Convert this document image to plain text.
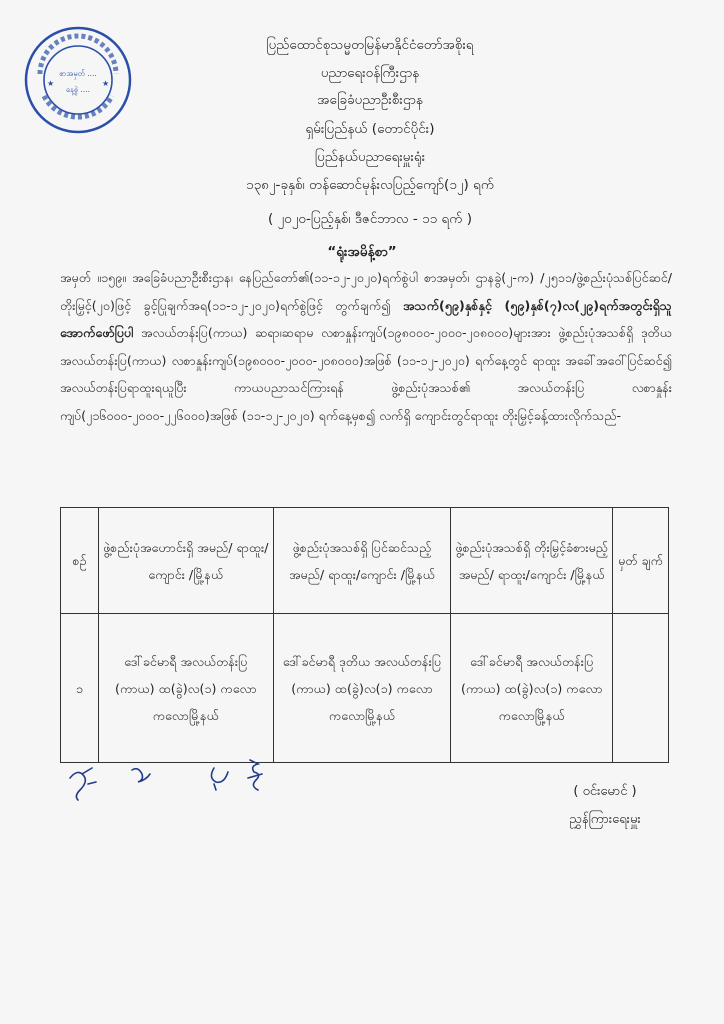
★	★
စာအမှတ် ....
နေ့စွဲ ....
ပြည်ထောင်စုသမ္မတမြန်မာနိုင်ငံတော်အစိုးရ
ပညာရေးဝန်ကြီးဌာန
အခြေခံပညာဦးစီးဌာန
ရှမ်းပြည်နယ် (တောင်ပိုင်း)
ပြည်နယ်ပညာရေးမှူးရုံး
၁၃၈၂-ခုနှစ်၊ တန်ဆောင်မုန်းလပြည့်ကျော်(၁၂) ရက်
( ၂၀၂၀-ပြည့်နှစ်၊ ဒီဇင်ဘာလ - ၁၁ ရက် )
“ရုံးအမိန့်စာ”

အမှတ် ။၁၅၉။ အခြေခံပညာဦးစီးဌာန၊ နေပြည်တော်၏(၁၁-၁၂-၂၀၂၀)ရက်စွဲပါ စာအမှတ်၊ ဌာနခွဲ(၂-က) /၂၅၁၁/ဖွဲ့စည်းပုံသစ်ပြင်ဆင်/ တိုးမြှင့်(၂၀)ဖြင့် ခွင့်ပြုချက်အရ(၁၁-၁၂-၂၀၂၀)ရက်စွဲဖြင့် တွက်ချက်၍ အသက်(၅၉)နှစ်နှင့် (၅၉)နှစ်(၇)လ(၂၉)ရက်အတွင်းရှိသူ အောက်ဖော်ပြပါ အလယ်တန်းပြ(ကာယ) ဆရာ၊ဆရာမ လစာနှုန်းကျပ်(၁၉၈၀၀၀-၂၀၀၀-၂၀၈၀၀၀)များအား ဖွဲ့စည်းပုံအသစ်ရှိ ဒုတိယအလယ်တန်းပြ(ကာယ) လစာနှုန်းကျပ်(၁၉၈၀၀၀-၂၀၀၀-၂၀၈၀၀၀)အဖြစ် (၁၁-၁၂-၂၀၂၀) ရက်နေ့တွင် ရာထူး အခေါ်အဝေါ်ပြင်ဆင်၍ အလယ်တန်းပြရာထူးရယူပြီး ကာယပညာသင်ကြားရန် ဖွဲ့စည်းပုံအသစ်၏ အလယ်တန်းပြ လစာနှုန်းကျပ်(၂၁၆၀၀၀-၂၀၀၀-၂၂၆၀၀၀)အဖြစ် (၁၁-၁၂-၂၀၂၀) ရက်နေ့မှစ၍ လက်ရှိ ကျောင်းတွင်ရာထူး တိုးမြှင့်ခန့်ထားလိုက်သည်-

စဉ်	ဖွဲ့စည်းပုံအဟောင်းရှိ အမည်/ ရာထူး/ကျောင်း /မြို့နယ်	ဖွဲ့စည်းပုံအသစ်ရှိ ပြင်ဆင်သည့် အမည်/ ရာထူး/ကျောင်း /မြို့နယ်	ဖွဲ့စည်းပုံအသစ်ရှိ တိုးမြှင့်ခံစားမည့် အမည်/ ရာထူး/ကျောင်း /မြို့နယ်	မှတ် ချက်
၁	ဒေါ်ခင်မာရီ အလယ်တန်းပြ (ကာယ) ထ(ခွဲ)လ(၁) ကလော ကလောမြို့နယ်	ဒေါ်ခင်မာရီ ဒုတိယ အလယ်တန်းပြ (ကာယ) ထ(ခွဲ)လ(၁) ကလော ကလောမြို့နယ်	ဒေါ်ခင်မာရီ အလယ်တန်းပြ (ကာယ) ထ(ခွဲ)လ(၁) ကလော ကလောမြို့နယ်	
( ဝင်းမောင် )
ညွှန်ကြားရေးမှူး
